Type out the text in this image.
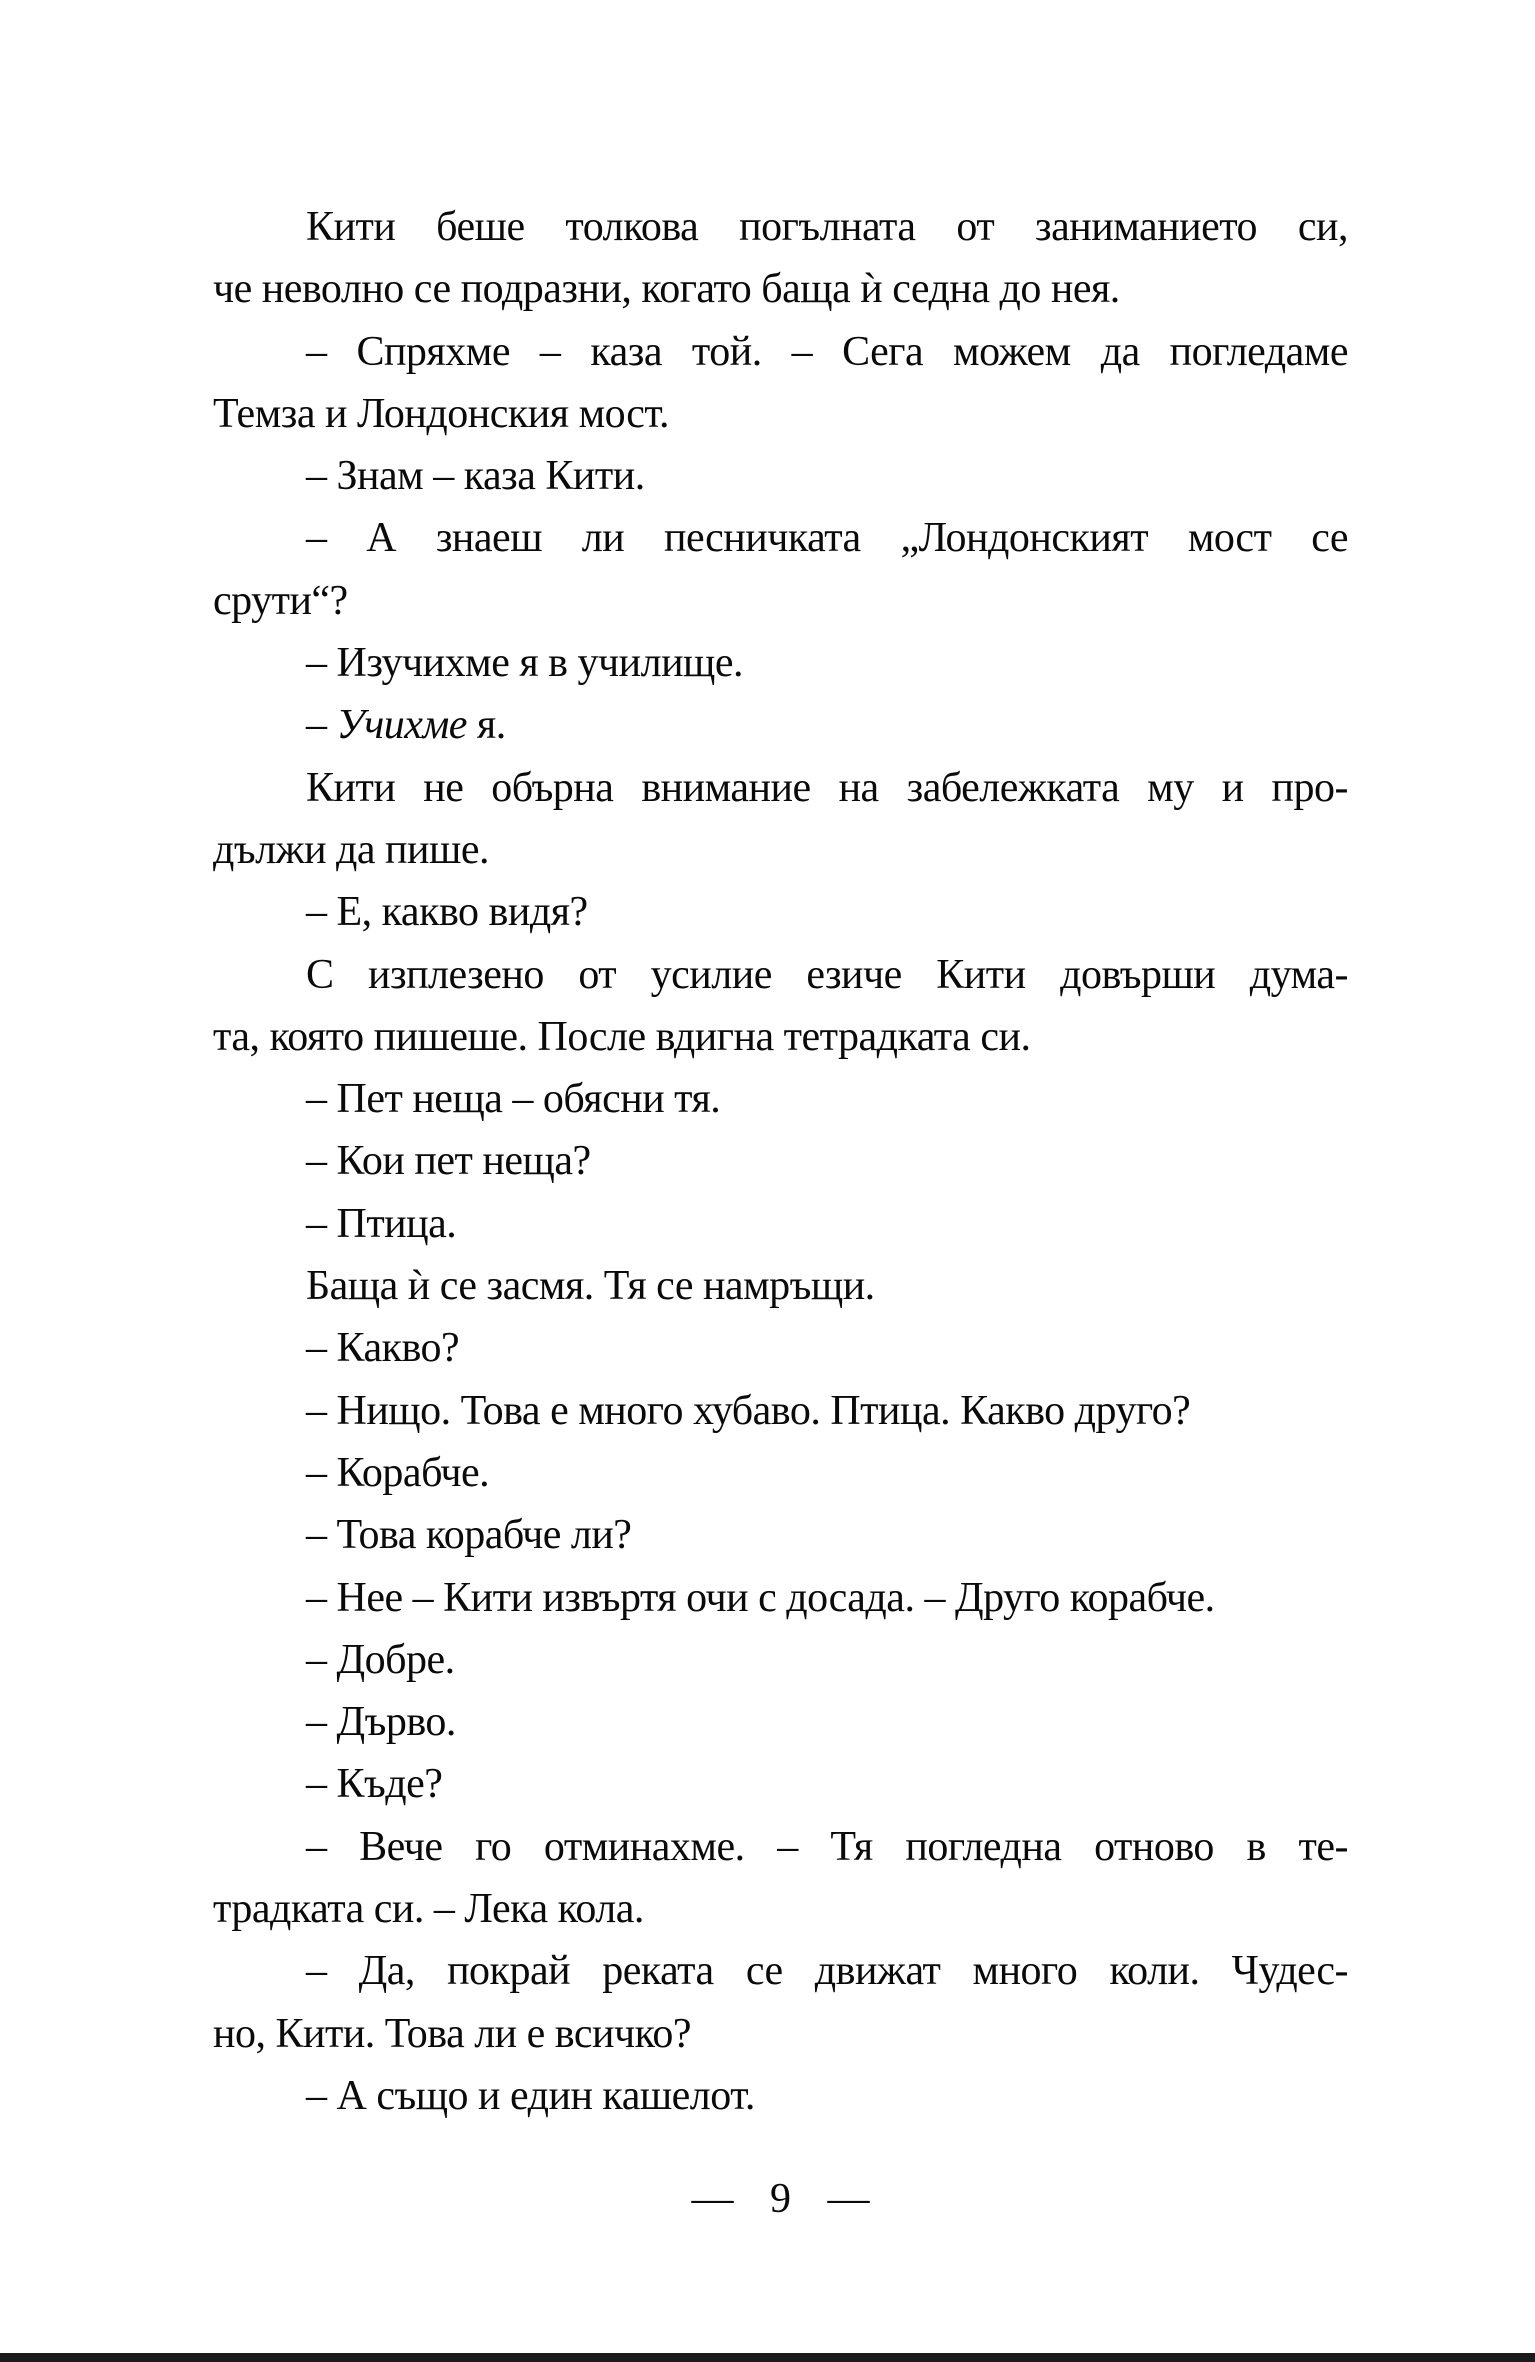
Кити беше толкова погълната от заниманието си,
че неволно се подразни, когато баща ѝ седна до нея.
– Спряхме – каза той. – Сега можем да погледаме
Темза и Лондонския мост.
– Знам – каза Кити.
– А знаеш ли песничката „Лондонският мост се
срути“?
– Изучихме я в училище.
– Учихме я.
Кити не обърна внимание на забележката му и про-
дължи да пише.
– Е, какво видя?
С изплезено от усилие езиче Кити довърши дума-
та, която пишеше. После вдигна тетрадката си.
– Пет неща – обясни тя.
– Кои пет неща?
– Птица.
Баща ѝ се засмя. Тя се намръщи.
– Какво?
– Нищо. Това е много хубаво. Птица. Какво друго?
– Корабче.
– Това корабче ли?
– Нее – Кити извъртя очи с досада. – Друго корабче.
– Добре.
– Дърво.
– Къде?
– Вече го отминахме. – Тя погледна отново в те-
традката си. – Лека кола.
– Да, покрай реката се движат много коли. Чудес-
но, Кити. Това ли е всичко?
– А също и един кашелот.
— 9 —
